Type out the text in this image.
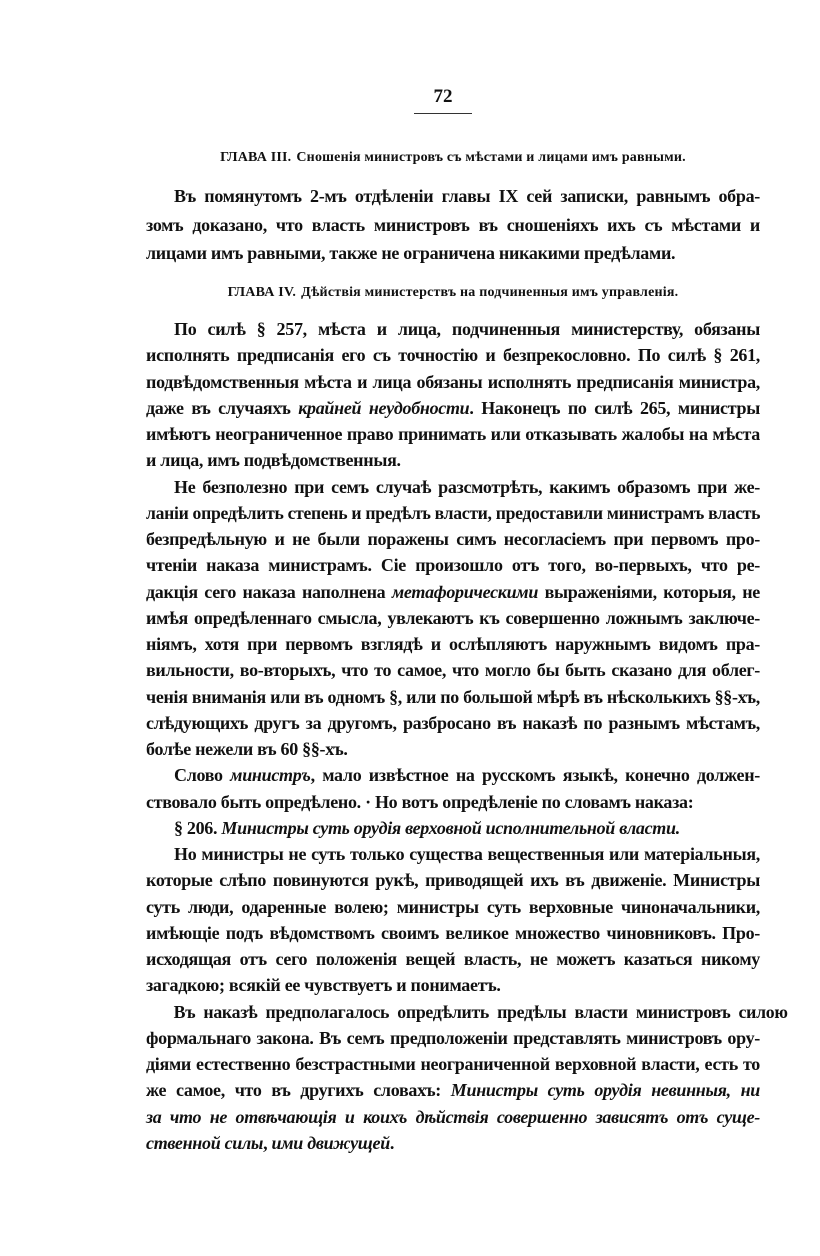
72
ГЛАВА III. Сношенія министровъ съ мѣстами и лицами имъ равными.
Въ помянутомъ 2-мъ отдѣленіи главы IX сей записки, равнымъ обра-
зомъ доказано, что власть министровъ въ сношеніяхъ ихъ съ мѣстами и
лицами имъ равными, также не ограничена никакими предѣлами.
ГЛАВА IV. Дѣйствія министерствъ на подчиненныя имъ управленія.
По силѣ § 257, мѣста и лица, подчиненныя министерству, обязаны
исполнять предписанія его съ точностію и безпрекословно. По силѣ § 261,
подвѣдомственныя мѣста и лица обязаны исполнять предписанія министра,
даже въ случаяхъ крайней неудобности. Наконецъ по силѣ 265, министры
имѣютъ неограниченное право принимать или отказывать жалобы на мѣста
и лица, имъ подвѣдомственныя.
Не безполезно при семъ случаѣ разсмотрѣть, какимъ образомъ при же-
ланіи опредѣлить степень и предѣлъ власти, предоставили министрамъ власть
безпредѣльную и не были поражены симъ несогласіемъ при первомъ про-
чтеніи наказа министрамъ. Сіе произошло отъ того, во-первыхъ, что ре-
дакція сего наказа наполнена метафорическими выраженіями, которыя, не
имѣя опредѣленнаго смысла, увлекаютъ къ совершенно ложнымъ заключе-
ніямъ, хотя при первомъ взглядѣ и ослѣпляютъ наружнымъ видомъ пра-
вильности, во-вторыхъ, что то самое, что могло бы быть сказано для облег-
ченія вниманія или въ одномъ §, или по большой мѣрѣ въ нѣсколькихъ §§-хъ,
слѣдующихъ другъ за другомъ, разбросано въ наказѣ по разнымъ мѣстамъ,
болѣе нежели въ 60 §§-хъ.
Слово министръ, мало извѣстное на русскомъ языкѣ, конечно должен-
ствовало быть опредѣлено. · Но вотъ опредѣленіе по словамъ наказа:
§ 206. Министры суть орудія верховной исполнительной власти.
Но министры не суть только существа вещественныя или матеріальныя,
которые слѣпо повинуются рукѣ, приводящей ихъ въ движеніе. Министры
суть люди, одаренные волею; министры суть верховные чиноначальники,
имѣющіе подъ вѣдомствомъ своимъ великое множество чиновниковъ. Про-
исходящая отъ сего положенія вещей власть, не можетъ казаться никому
загадкою; всякій ее чувствуетъ и понимаетъ.
Въ наказѣ предполагалось опредѣлить предѣлы власти министровъ силою
формальнаго закона. Въ семъ предположеніи представлять министровъ ору-
діями естественно безстрастными неограниченной верховной власти, есть то
же самое, что въ другихъ словахъ: Министры суть орудія невинныя, ни
за что не отвѣчающія и коихъ дѣйствія совершенно зависятъ отъ суще-
ственной силы, ими движущей.
